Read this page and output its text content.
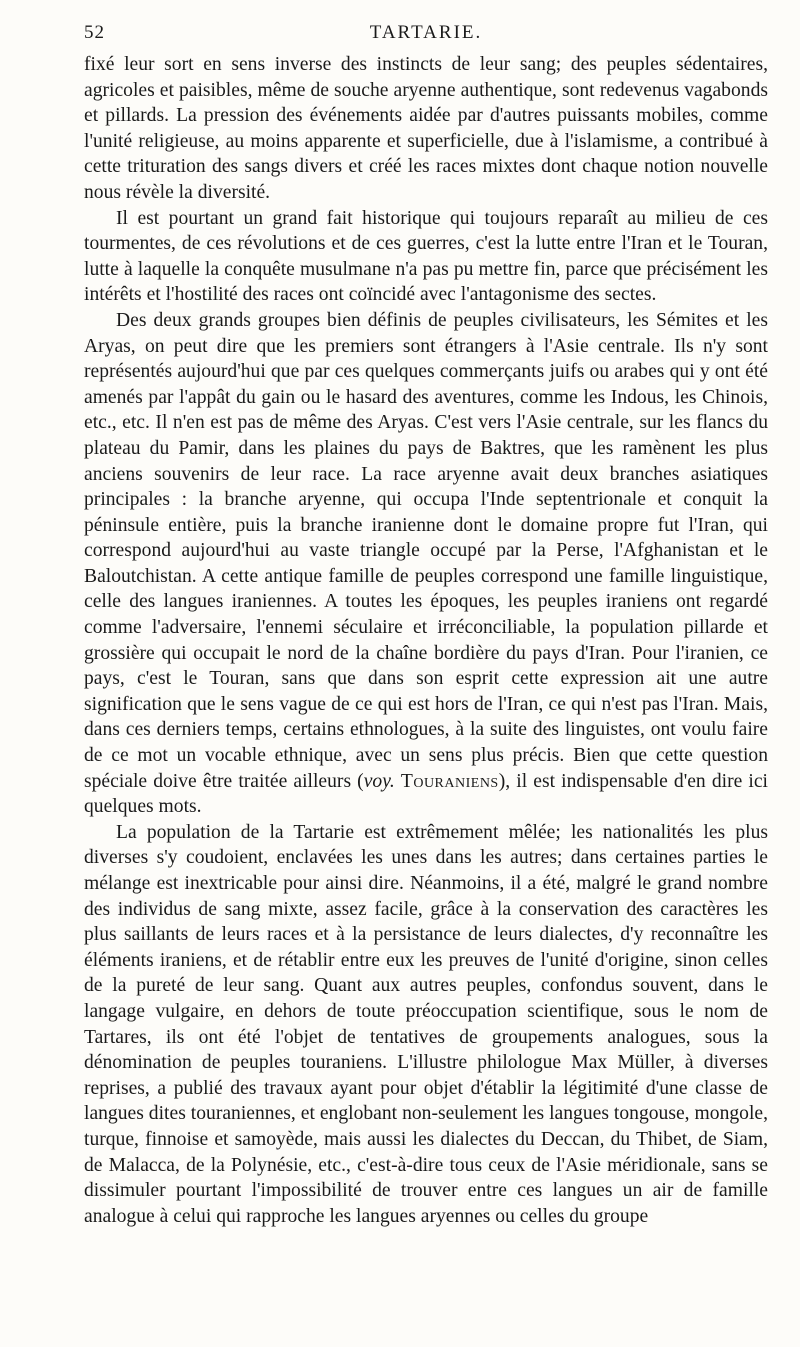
52	TARTARIE.

fixé leur sort en sens inverse des instincts de leur sang; des peuples sédentaires, agricoles et paisibles, même de souche aryenne authentique, sont redevenus vagabonds et pillards. La pression des événements aidée par d'autres puissants mobiles, comme l'unité religieuse, au moins apparente et superficielle, due à l'islamisme, a contribué à cette trituration des sangs divers et créé les races mixtes dont chaque notion nouvelle nous révèle la diversité.

Il est pourtant un grand fait historique qui toujours reparaît au milieu de ces tourmentes, de ces révolutions et de ces guerres, c'est la lutte entre l'Iran et le Touran, lutte à laquelle la conquête musulmane n'a pas pu mettre fin, parce que précisément les intérêts et l'hostilité des races ont coïncidé avec l'antagonisme des sectes.

Des deux grands groupes bien définis de peuples civilisateurs, les Sémites et les Aryas, on peut dire que les premiers sont étrangers à l'Asie centrale. Ils n'y sont représentés aujourd'hui que par ces quelques commerçants juifs ou arabes qui y ont été amenés par l'appât du gain ou le hasard des aventures, comme les Indous, les Chinois, etc., etc. Il n'en est pas de même des Aryas. C'est vers l'Asie centrale, sur les flancs du plateau du Pamir, dans les plaines du pays de Baktres, que les ramènent les plus anciens souvenirs de leur race. La race aryenne avait deux branches asiatiques principales : la branche aryenne, qui occupa l'Inde septentrionale et conquit la péninsule entière, puis la branche iranienne dont le domaine propre fut l'Iran, qui correspond aujourd'hui au vaste triangle occupé par la Perse, l'Afghanistan et le Baloutchistan. A cette antique famille de peuples correspond une famille linguistique, celle des langues iraniennes. A toutes les époques, les peuples iraniens ont regardé comme l'adversaire, l'ennemi séculaire et irréconciliable, la population pillarde et grossière qui occupait le nord de la chaîne bordière du pays d'Iran. Pour l'iranien, ce pays, c'est le Touran, sans que dans son esprit cette expression ait une autre signification que le sens vague de ce qui est hors de l'Iran, ce qui n'est pas l'Iran. Mais, dans ces derniers temps, certains ethnologues, à la suite des linguistes, ont voulu faire de ce mot un vocable ethnique, avec un sens plus précis. Bien que cette question spéciale doive être traitée ailleurs (voy. Touraniens), il est indispensable d'en dire ici quelques mots.

La population de la Tartarie est extrêmement mêlée; les nationalités les plus diverses s'y coudoient, enclavées les unes dans les autres; dans certaines parties le mélange est inextricable pour ainsi dire. Néanmoins, il a été, malgré le grand nombre des individus de sang mixte, assez facile, grâce à la conservation des caractères les plus saillants de leurs races et à la persistance de leurs dialectes, d'y reconnaître les éléments iraniens, et de rétablir entre eux les preuves de l'unité d'origine, sinon celles de la pureté de leur sang. Quant aux autres peuples, confondus souvent, dans le langage vulgaire, en dehors de toute préoccupation scientifique, sous le nom de Tartares, ils ont été l'objet de tentatives de groupements analogues, sous la dénomination de peuples touraniens. L'illustre philologue Max Müller, à diverses reprises, a publié des travaux ayant pour objet d'établir la légitimité d'une classe de langues dites touraniennes, et englobant non-seulement les langues tongouse, mongole, turque, finnoise et samoyède, mais aussi les dialectes du Deccan, du Thibet, de Siam, de Malacca, de la Polynésie, etc., c'est-à-dire tous ceux de l'Asie méridionale, sans se dissimuler pourtant l'impossibilité de trouver entre ces langues un air de famille analogue à celui qui rapproche les langues aryennes ou celles du groupe
